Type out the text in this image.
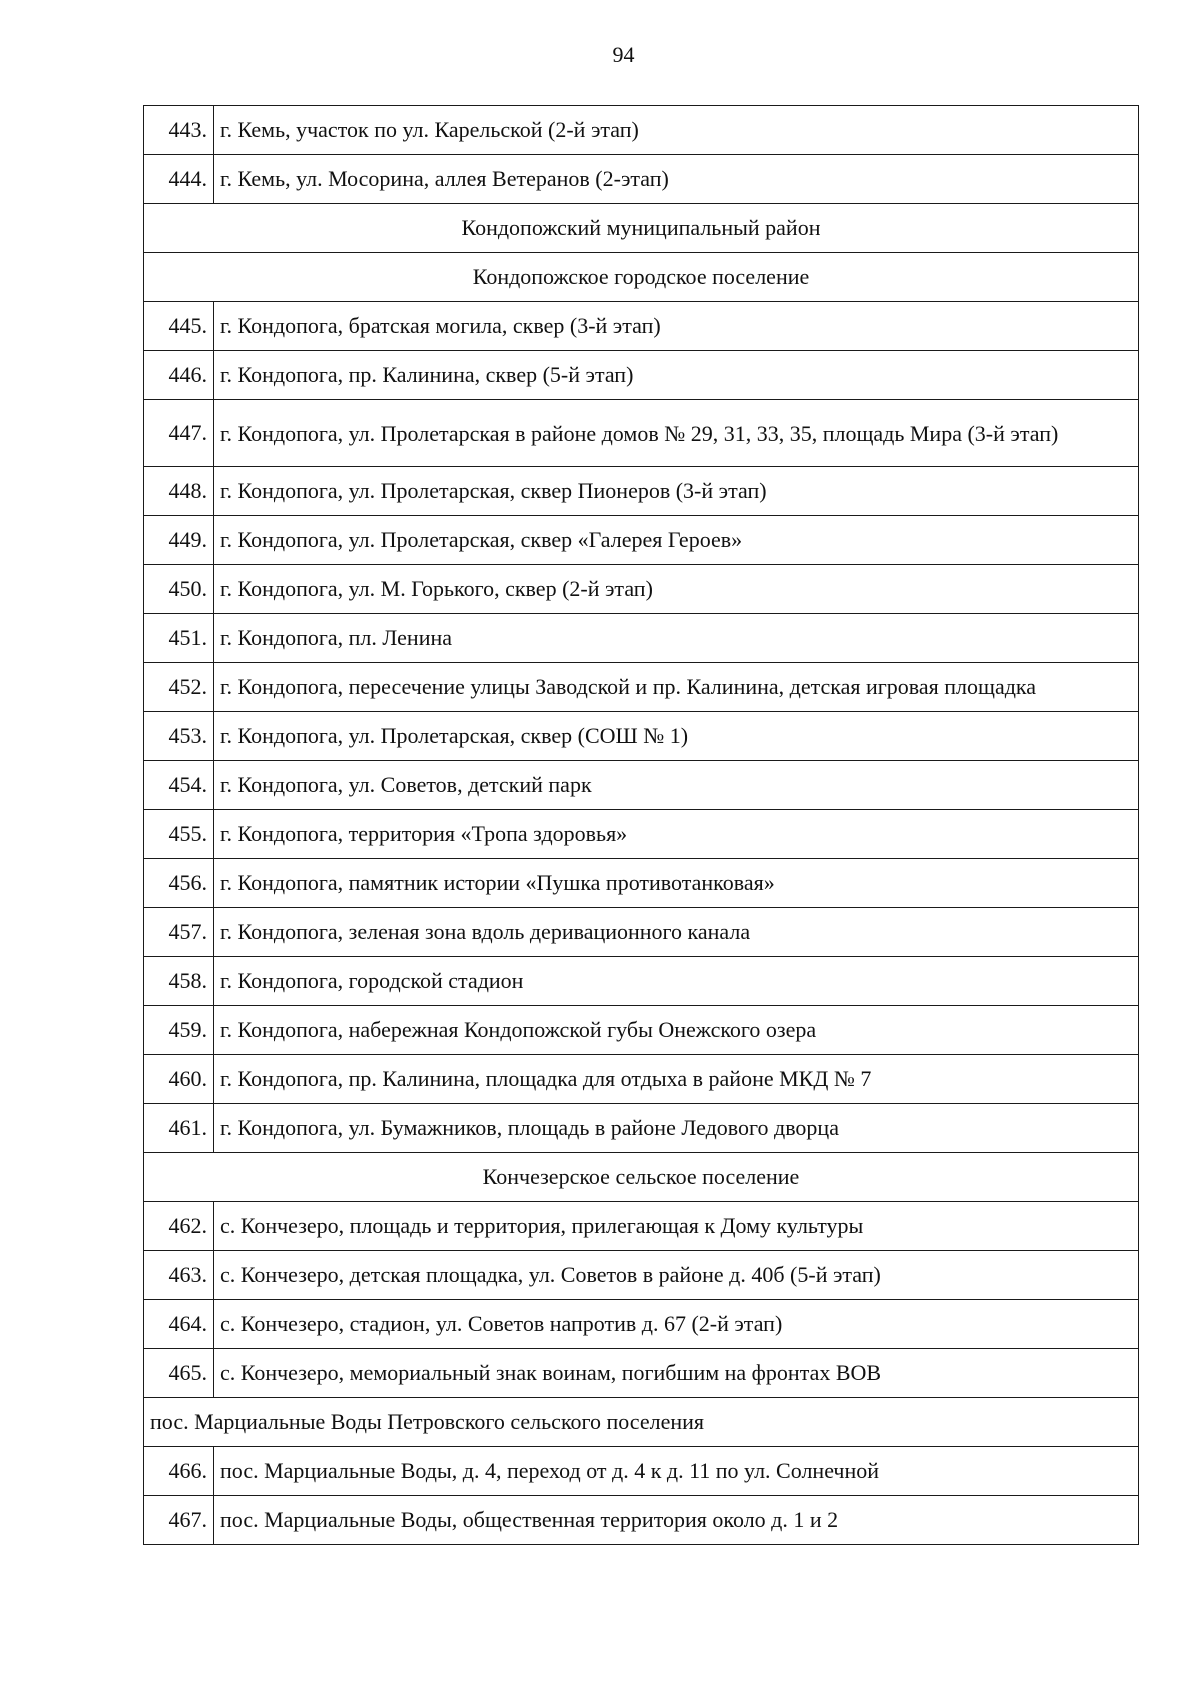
94
443.	г. Кемь, участок по ул. Карельской (2-й этап)
444.	г. Кемь, ул. Мосорина, аллея Ветеранов (2-этап)
Кондопожский муниципальный район	
Кондопожское городское поселение	
445.	г. Кондопога, братская могила, сквер (3-й этап)
446.	г. Кондопога, пр. Калинина, сквер (5-й этап)
447.	г. Кондопога, ул. Пролетарская в районе домов № 29, 31, 33, 35, площадь Мира (3-й этап)
448.	г. Кондопога, ул. Пролетарская, сквер Пионеров (3-й этап)
449.	г. Кондопога, ул. Пролетарская, сквер «Галерея Героев»
450.	г. Кондопога, ул. М. Горького, сквер (2-й этап)
451.	г. Кондопога, пл. Ленина
452.	г. Кондопога, пересечение улицы Заводской и пр. Калинина, детская игровая площадка
453.	г. Кондопога, ул. Пролетарская, сквер (СОШ № 1)
454.	г. Кондопога, ул. Советов, детский парк
455.	г. Кондопога, территория «Тропа здоровья»
456.	г. Кондопога, памятник истории «Пушка противотанковая»
457.	г. Кондопога, зеленая зона вдоль деривационного канала
458.	г. Кондопога, городской стадион
459.	г. Кондопога, набережная Кондопожской губы Онежского озера
460.	г. Кондопога, пр. Калинина, площадка для отдыха в районе МКД № 7
461.	г. Кондопога, ул. Бумажников, площадь в районе Ледового дворца
Кончезерское сельское поселение	
462.	с. Кончезеро, площадь и территория, прилегающая к Дому культуры
463.	с. Кончезеро, детская площадка, ул. Советов в районе д. 40б (5-й этап)
464.	с. Кончезеро, стадион, ул. Советов напротив д. 67 (2-й этап)
465.	с. Кончезеро, мемориальный знак воинам, погибшим на фронтах ВОВ
пос. Марциальные Воды Петровского сельского поселения	
466.	пос. Марциальные Воды, д. 4, переход от д. 4 к д. 11 по ул. Солнечной
467.	пос. Марциальные Воды, общественная территория около д. 1 и 2
